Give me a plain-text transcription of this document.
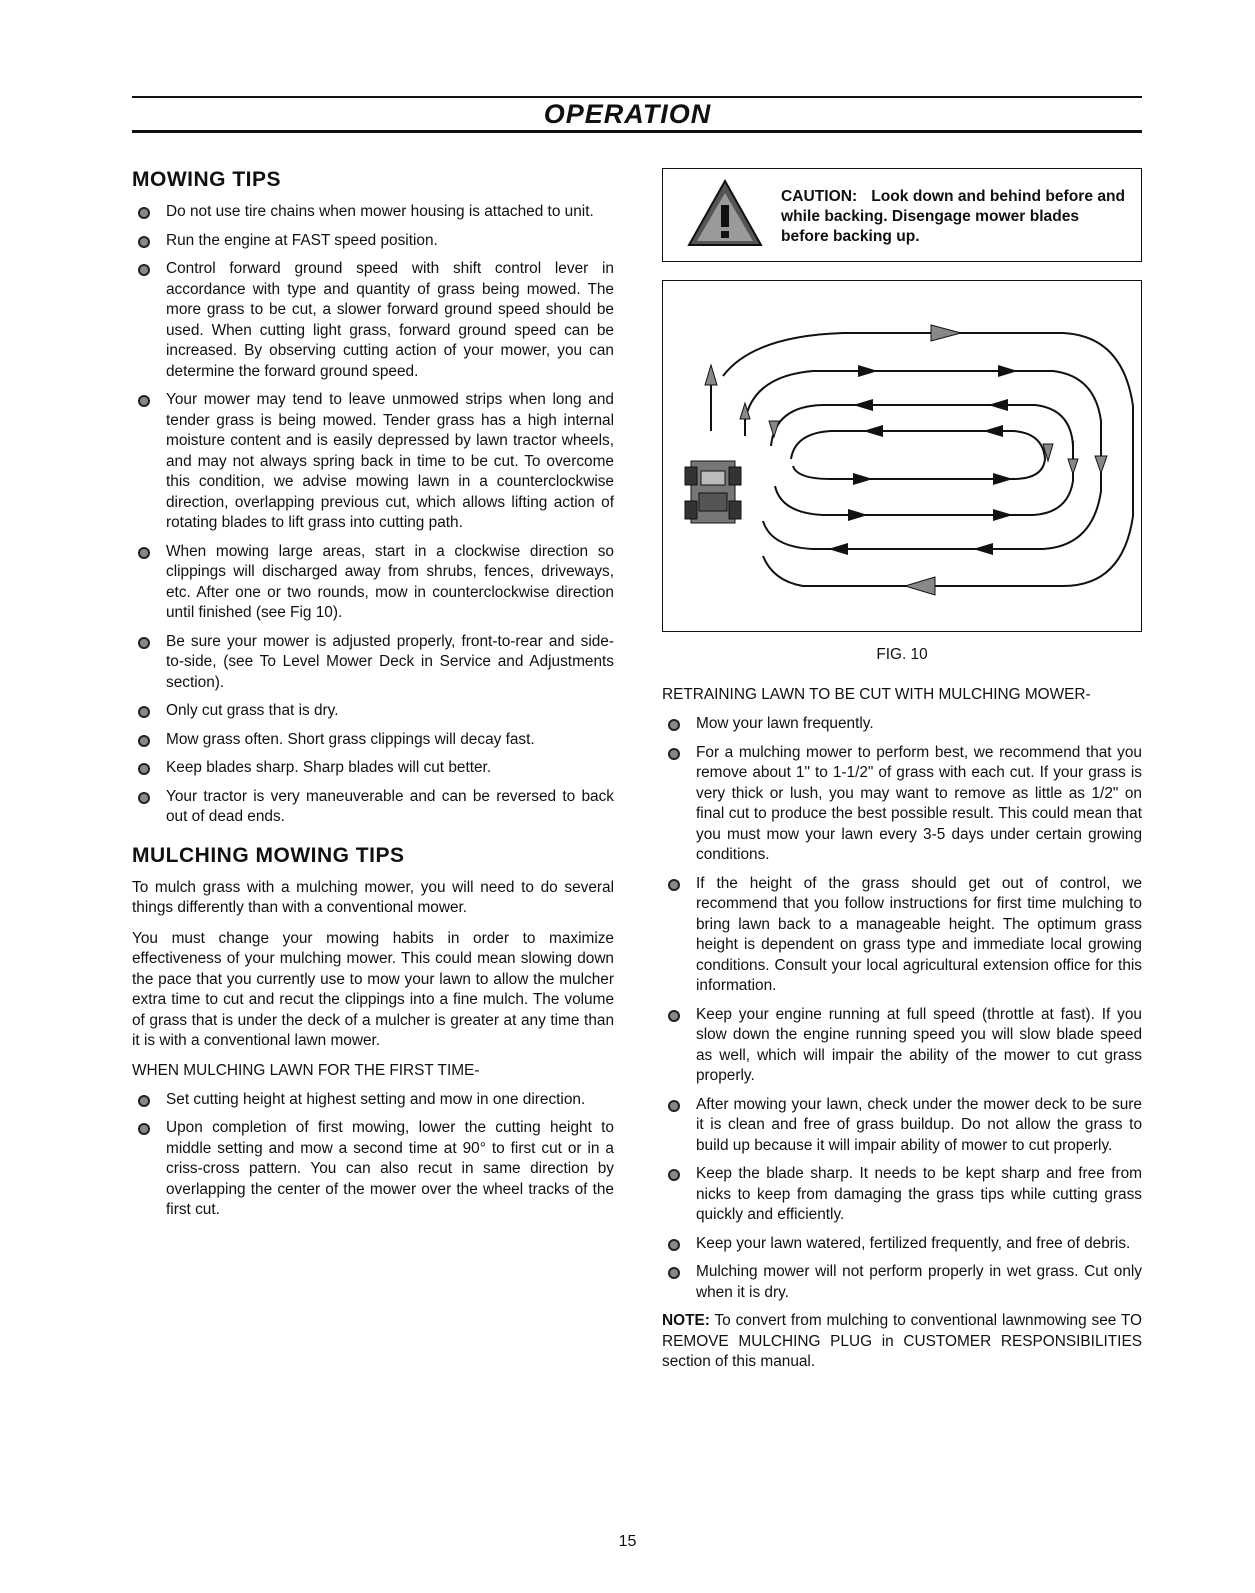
OPERATION
MOWING TIPS
Do not use tire chains when mower housing is attached to unit.
Run the engine at FAST speed position.
Control forward ground speed with shift control lever in accordance with type and quantity of grass being mowed. The more grass to be cut, a slower forward ground speed should be used. When cutting light grass, forward ground speed can be increased. By observing cutting action of your mower, you can determine the forward ground speed.
Your mower may tend to leave unmowed strips when long and tender grass is being mowed. Tender grass has a high internal moisture content and is easily depressed by lawn tractor wheels, and may not always spring back in time to be cut. To overcome this condition, we advise mowing lawn in a counterclockwise direction, overlapping previous cut, which allows lifting action of rotating blades to lift grass into cutting path.
When mowing large areas, start in a clockwise direction so clippings will discharged away from shrubs, fences, driveways, etc. After one or two rounds, mow in counterclockwise direction until finished (see Fig 10).
Be sure your mower is adjusted properly, front-to-rear and side-to-side, (see To Level Mower Deck in Service and Adjustments section).
Only cut grass that is dry.
Mow grass often. Short grass clippings will decay fast.
Keep blades sharp. Sharp blades will cut better.
Your tractor is very maneuverable and can be reversed to back out of dead ends.
MULCHING MOWING TIPS

To mulch grass with a mulching mower, you will need to do several things differently than with a conventional mower.

You must change your mowing habits in order to maximize effectiveness of your mulching mower. This could mean slowing down the pace that you currently use to mow your lawn to allow the mulcher extra time to cut and recut the clippings into a fine mulch. The volume of grass that is under the deck of a mulcher is greater at any time than it is with a conventional lawn mower.

WHEN MULCHING LAWN FOR THE FIRST TIME-
Set cutting height at highest setting and mow in one direction.
Upon completion of first mowing, lower the cutting height to middle setting and mow a second time at 90° to first cut or in a criss-cross pattern. You can also recut in same direction by overlapping the center of the mower over the wheel tracks of the first cut.
CAUTION: Look down and behind before and while backing. Disengage mower blades before backing up.
FIG. 10
RETRAINING LAWN TO BE CUT WITH MULCHING MOWER-
Mow your lawn frequently.
For a mulching mower to perform best, we recommend that you remove about 1" to 1-1/2" of grass with each cut. If your grass is very thick or lush, you may want to remove as little as 1/2" on final cut to produce the best possible result. This could mean that you must mow your lawn every 3-5 days under certain growing conditions.
If the height of the grass should get out of control, we recommend that you follow instructions for first time mulching to bring lawn back to a manageable height. The optimum grass height is dependent on grass type and immediate local growing conditions. Consult your local agricultural extension office for this information.
Keep your engine running at full speed (throttle at fast). If you slow down the engine running speed you will slow blade speed as well, which will impair the ability of the mower to cut grass properly.
After mowing your lawn, check under the mower deck to be sure it is clean and free of grass buildup. Do not allow the grass to build up because it will impair ability of mower to cut properly.
Keep the blade sharp. It needs to be kept sharp and free from nicks to keep from damaging the grass tips while cutting grass quickly and efficiently.
Keep your lawn watered, fertilized frequently, and free of debris.
Mulching mower will not perform properly in wet grass. Cut only when it is dry.

NOTE: To convert from mulching to conventional lawnmowing see TO REMOVE MULCHING PLUG in CUSTOMER RESPONSIBILITIES section of this manual.

15
